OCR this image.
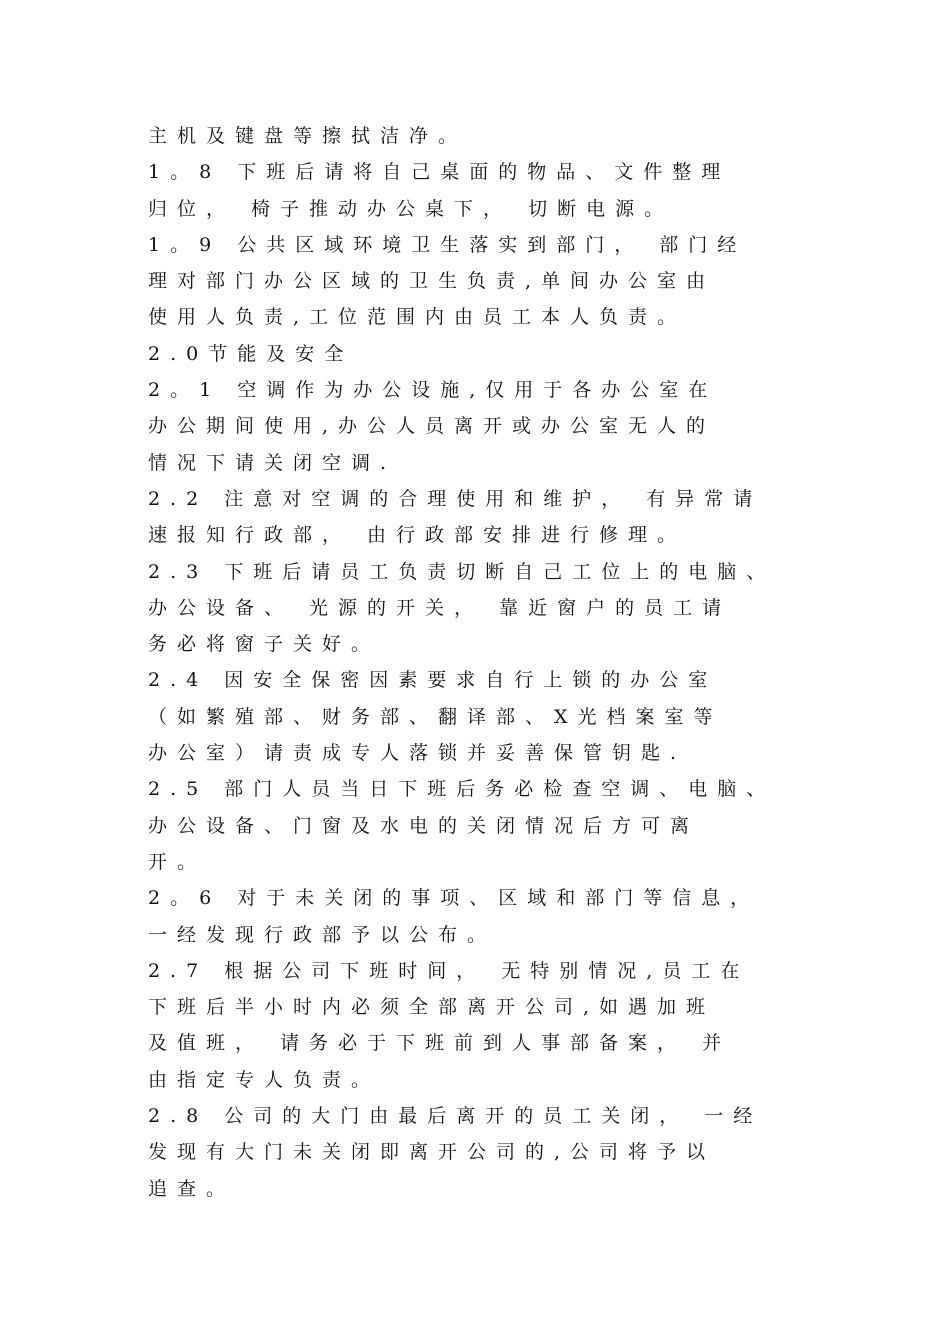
主机及键盘等擦拭洁净。
1。8 下班后请将自己桌面的物品、文件整理
归位， 椅子推动办公桌下， 切断电源。
1。9 公共区域环境卫生落实到部门， 部门经
理对部门办公区域的卫生负责,单间办公室由
使用人负责,工位范围内由员工本人负责。
2.0节能及安全
2。1 空调作为办公设施,仅用于各办公室在
办公期间使用,办公人员离开或办公室无人的
情况下请关闭空调.
2.2 注意对空调的合理使用和维护， 有异常请
速报知行政部， 由行政部安排进行修理。
2.3 下班后请员工负责切断自己工位上的电脑、
办公设备、 光源的开关， 靠近窗户的员工请
务必将窗子关好。
2.4 因安全保密因素要求自行上锁的办公室
（如繁殖部、财务部、翻译部、X光档案室等
办公室）请责成专人落锁并妥善保管钥匙.
2.5 部门人员当日下班后务必检查空调、电脑、
办公设备、门窗及水电的关闭情况后方可离
开。
2。6 对于未关闭的事项、区域和部门等信息，
一经发现行政部予以公布。
2.7 根据公司下班时间， 无特别情况,员工在
下班后半小时内必须全部离开公司,如遇加班
及值班， 请务必于下班前到人事部备案， 并
由指定专人负责。
2.8 公司的大门由最后离开的员工关闭， 一经
发现有大门未关闭即离开公司的,公司将予以
追查。
